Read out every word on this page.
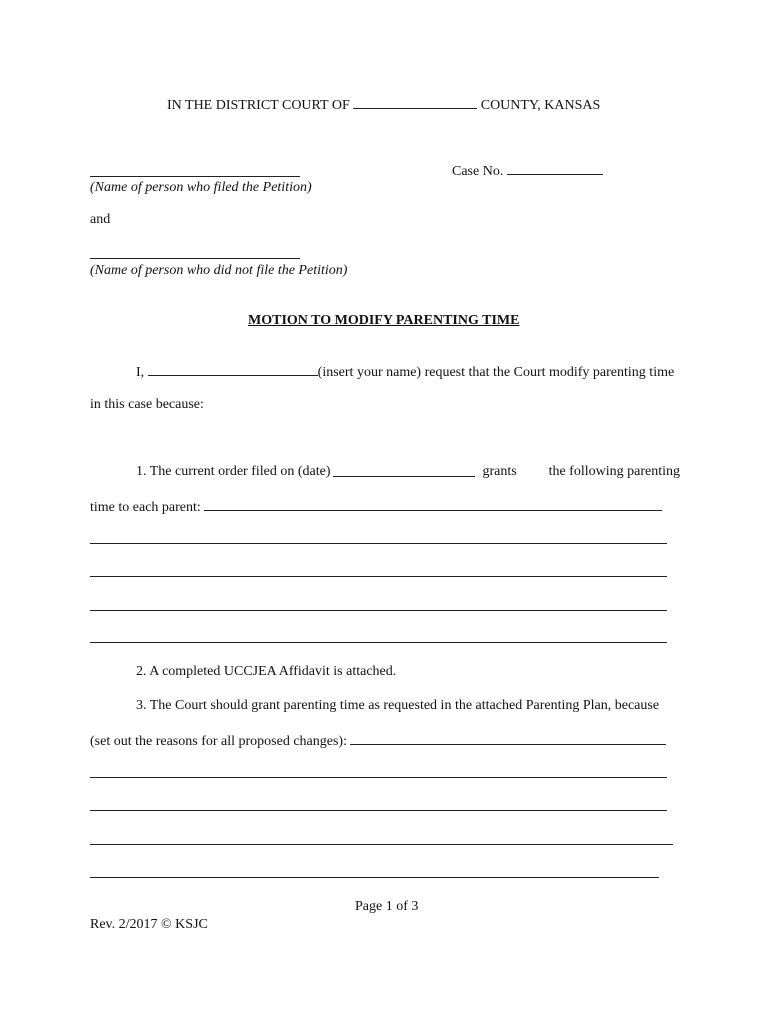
IN THE DISTRICT COURT OF	COUNTY, KANSAS
(Name of person who filed the Petition)
Case No.
and
(Name of person who did not file the Petition)
MOTION TO MODIFY PARENTING TIME
I,	(insert your name) request that the Court modify parenting time
in this case because:
1. The current order filed on (date)	grants the following parenting
time to each parent:
2. A completed UCCJEA Affidavit is attached.
3. The Court should grant parenting time as requested in the attached Parenting Plan, because
(set out the reasons for all proposed changes):
Page 1 of 3
Rev. 2/2017 © KSJC
